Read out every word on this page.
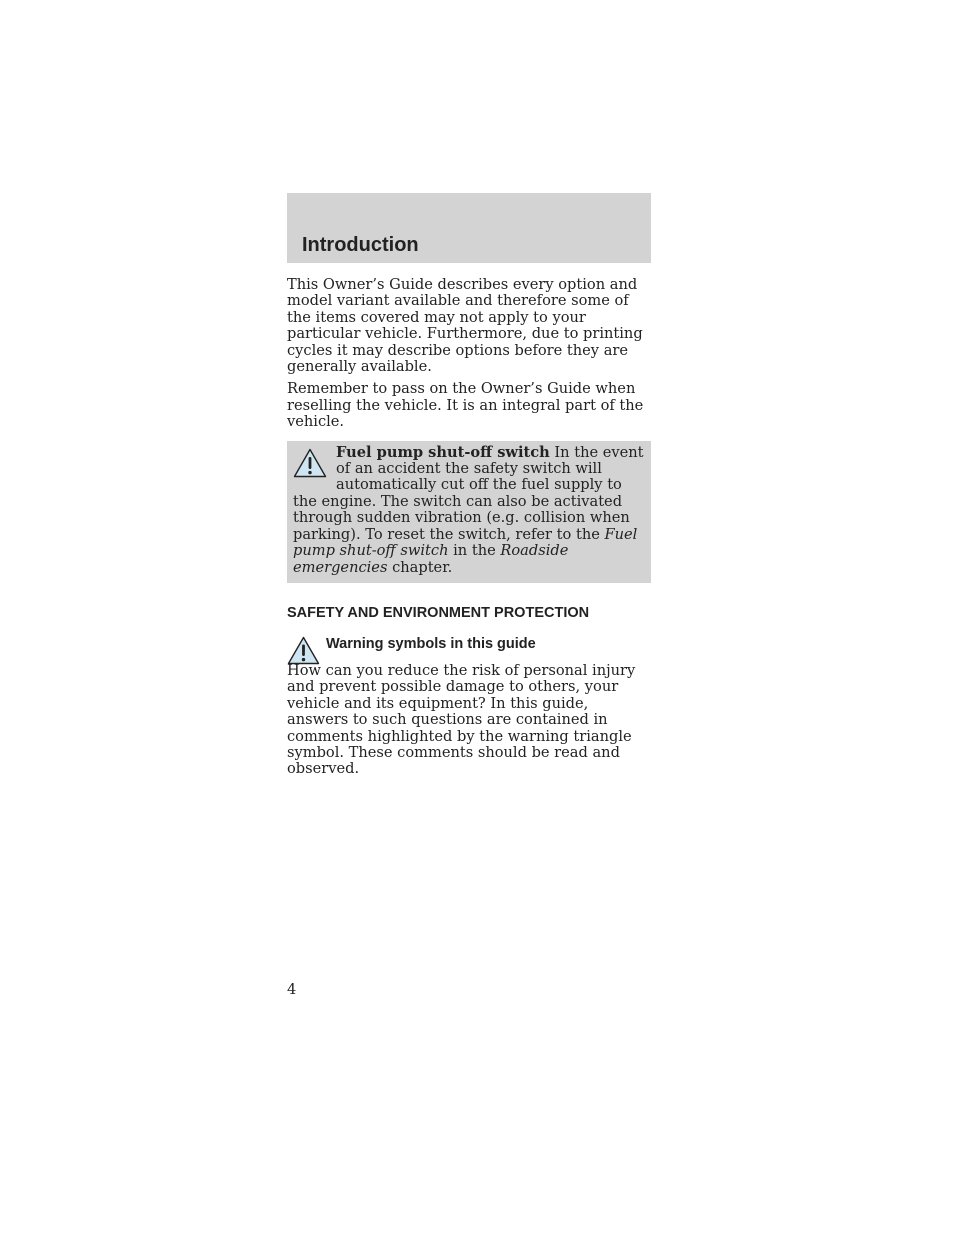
Introduction

This Owner’s Guide describes every option and model variant available and therefore some of the items covered may not apply to your particular vehicle. Furthermore, due to printing cycles it may describe options before they are generally available.

Remember to pass on the Owner’s Guide when reselling the vehicle. It is an integral part of the vehicle.

Fuel pump shut-off switch In the event of an accident the safety switch will automatically cut off the fuel supply to the engine. The switch can also be activated through sudden vibration (e.g. collision when parking). To reset the switch, refer to the Fuel pump shut-off switch in the Roadside emergencies chapter.

SAFETY AND ENVIRONMENT PROTECTION
Warning symbols in this guide

How can you reduce the risk of personal injury and prevent possible damage to others, your vehicle and its equipment? In this guide, answers to such questions are contained in comments highlighted by the warning triangle symbol. These comments should be read and observed.

4
